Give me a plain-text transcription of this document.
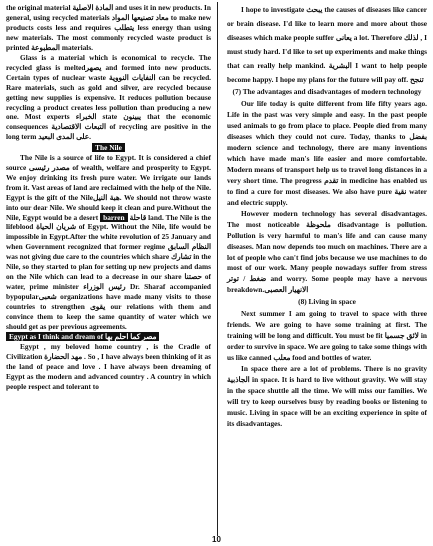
the original material المادة الاصلية and uses it in new products. In general, using recycled materials معاد تصنيعها المواد to make new products costs less and requires يتطلب less energy than using new materials. The most commonly recycled waste product is printed المطبوعة materials.

Glass is a material which is economical to recycle. The recycled glass is meltedيصهر and formed into new products. Certain types of nuclear waste النفايات النووية can be recycled. Rare materials, such as gold and silver, are recycled because getting new supplies is expensive. It reduces pollution because recycling a product creates less pollution than producing a new one. Most experts الخبراء state يبينون that the economic consequences التبعات الاقتصادية of recycling are positive in the long term على المدى البعيد.

The Nile

The Nile is a source of life to Egypt. It is considered a chief source مصدر رئيسى of wealth, welfare and prosperity to Egypt. We enjoy drinking its fresh pure water. We irrigate our lands from it. Vast areas of land are reclaimed with the help of the Nile. Egypt is the gift of the Nileهبة النيل. We should not throw waste into our dear Nile. We should keep it clean and pure.Without the Nile, Egypt would be a desert barren قاحلة land. The Nile is the lifeblood شريان الحياة of Egypt. Without the Nile, life would be impossible in Egypt.After the white revolution of 25 January and when Government recognized that former regime النظام السابق was not giving due care to the countries which share تشارك in the Nile, so they started to plan for setting up new projects and dams on the Nile which can lead to a decrease in our share حصتنا of water, prime minister رئيس الوزراء Dr. Sharaf accompanied bypopularشعبى organizations have made many visits to those countries to strengthen يقوى our relations with them and convince them to keep the same quantity of water which we should get as per previous agreements.

Egypt as I think and dream of مصر كما احلم بها

Egypt , my beloved home country , is the Cradle of Civilization مهد الحضارة . So , I have always been thinking of it as the land of peace and love . I have always been dreaming of Egypt as the modern and advanced country . A country in which people respect and tolerant to

I hope to investigate يبحث the causes of diseases like cancer or brain disease. I'd like to learn more and more about those diseases which make people suffer يعانى a lot. Therefore لذلك , I must study hard. I'd like to set up experiments and make things that can really help mankind. البشرية I want to help people become happy. I hope my plans for the future will pay off. تنجح

(7) The advantages and disadvantages of modern technology

Our life today is quite different from life fifty years ago. Life in the past was very simple and easy. In the past people used animals to go from place to place. People died from many diseases which they could not cure. Today, thanks to بفضل modern science and technology, there are many inventions which have made man's life easier and more comfortable. Modern means of transport help us to travel long distances in a very short time. The progress تقدم in medicine has enabled us to find a cure for most diseases. We also have pure نقية water and electric supply.

However modern technology has several disadvantages. The most noticeable ملحوظة disadvantage is pollution. Pollution is very harmful to man's life and can cause many diseases. Man now depends too much on machines. There are a lot of people who can't find jobs because we use machines to do most of our work. Many people nowadays suffer from stress ضغط / توتر and worry. Some people may have a nervous breakdown.الانهيار العصبى

(8) Living in space

Next summer I am going to travel to space with three friends. We are going to have some training at first. The training will be long and difficult. You must be fit لائق جسميا in order to survive in space. We are going to take some things with us like canned معلب food and bottles of water.

In space there are a lot of problems. There is no gravity الجاذبية in space. It is hard to live without gravity. We will stay in the space shuttle all the time. We will miss our families. We will try to keep ourselves busy by reading books or listening to music. Living in space will be an exciting experience in spite of its disadvantages.

10
